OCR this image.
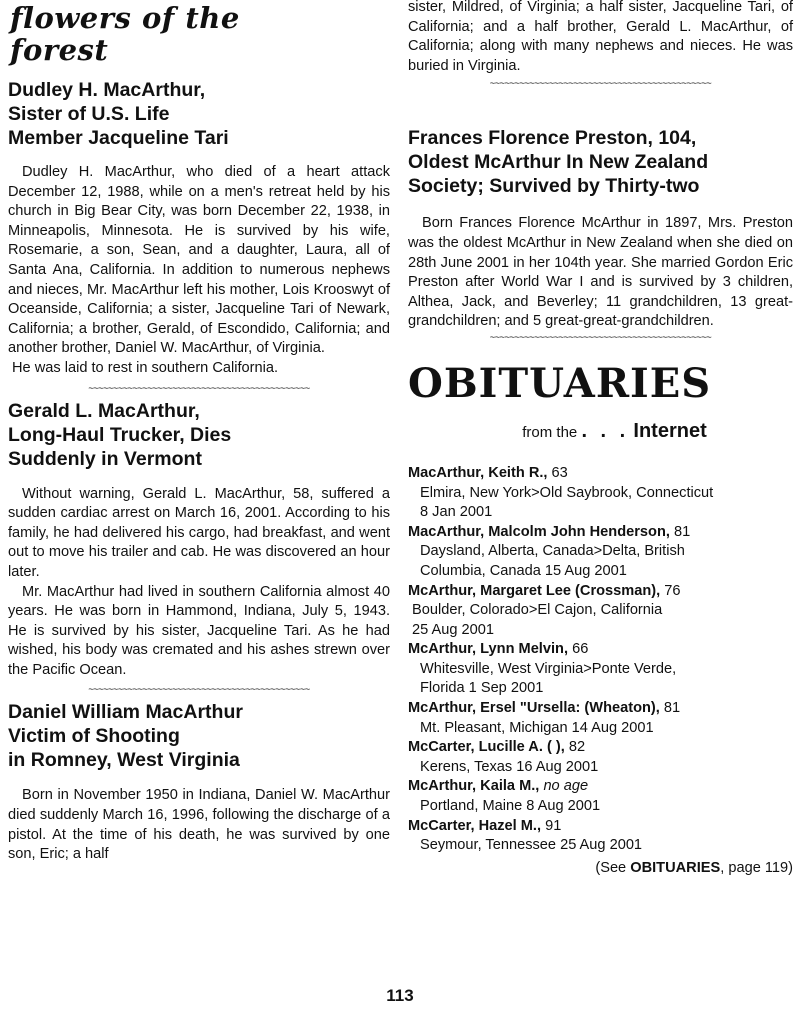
flowers of the
forest
Dudley H. MacArthur,
Sister of U.S. Life
Member Jacqueline Tari

Dudley H. MacArthur, who died of a heart attack December 12, 1988, while on a men's retreat held by his church in Big Bear City, was born December 22, 1938, in Minneapolis, Minnesota. He is survived by his wife, Rosemarie, a son, Sean, and a daughter, Laura, all of Santa Ana, California. In addition to numerous nephews and nieces, Mr. MacArthur left his mother, Lois Krooswyt of Oceanside, California; a sister, Jacqueline Tari of Newark, California; a brother, Gerald, of Escondido, California; and another brother, Daniel W. MacArthur, of Virginia.

He was laid to rest in southern California.

~~~~~~~~~~~~~~~~~~~~~~~~~~~~~~~~~~~~~~~~~~~~~
Gerald L. MacArthur,
Long-Haul Trucker, Dies
Suddenly in Vermont

Without warning, Gerald L. MacArthur, 58, suffered a sudden cardiac arrest on March 16, 2001. According to his family, he had delivered his cargo, had breakfast, and went out to move his trailer and cab. He was discovered an hour later.

Mr. MacArthur had lived in southern California almost 40 years. He was born in Hammond, Indiana, July 5, 1943. He is survived by his sister, Jacqueline Tari. As he had wished, his body was cremated and his ashes strewn over the Pacific Ocean.

~~~~~~~~~~~~~~~~~~~~~~~~~~~~~~~~~~~~~~~~~~~~~
Daniel William MacArthur
Victim of Shooting
in Romney, West Virginia

Born in November 1950 in Indiana, Daniel W. MacArthur died suddenly March 16, 1996, following the discharge of a pistol. At the time of his death, he was survived by one son, Eric; a half

sister, Mildred, of Virginia; a half sister, Jacqueline Tari, of California; and a half brother, Gerald L. MacArthur, of California; along with many nephews and nieces. He was buried in Virginia.

~~~~~~~~~~~~~~~~~~~~~~~~~~~~~~~~~~~~~~~~~~~~~
Frances Florence Preston, 104,
Oldest McArthur In New Zealand
Society; Survived by Thirty-two

Born Frances Florence McArthur in 1897, Mrs. Preston was the oldest McArthur in New Zealand when she died on 28th June 2001 in her 104th year. She married Gordon Eric Preston after World War I and is survived by 3 children, Althea, Jack, and Beverley; 11 grandchildren, 13 great-grandchildren; and 5 great-great-grandchildren.

~~~~~~~~~~~~~~~~~~~~~~~~~~~~~~~~~~~~~~~~~~~~~
OBITUARIES
from the . . . Internet
MacArthur, Keith R., 63
Elmira, New York>Old Saybrook, Connecticut
8 Jan 2001
MacArthur, Malcolm John Henderson, 81
Daysland, Alberta, Canada>Delta, British
Columbia, Canada 15 Aug 2001
McArthur, Margaret Lee (Crossman), 76
Boulder, Colorado>El Cajon, California
25 Aug 2001
McArthur, Lynn Melvin, 66
Whitesville, West Virginia>Ponte Verde,
Florida 1 Sep 2001
McArthur, Ersel "Ursella: (Wheaton), 81
Mt. Pleasant, Michigan 14 Aug 2001
McCarter, Lucille A. ( ), 82
Kerens, Texas 16 Aug 2001
McArthur, Kaila M., no age
Portland, Maine 8 Aug 2001
McCarter, Hazel M., 91
Seymour, Tennessee 25 Aug 2001
(See OBITUARIES, page 119)
113
